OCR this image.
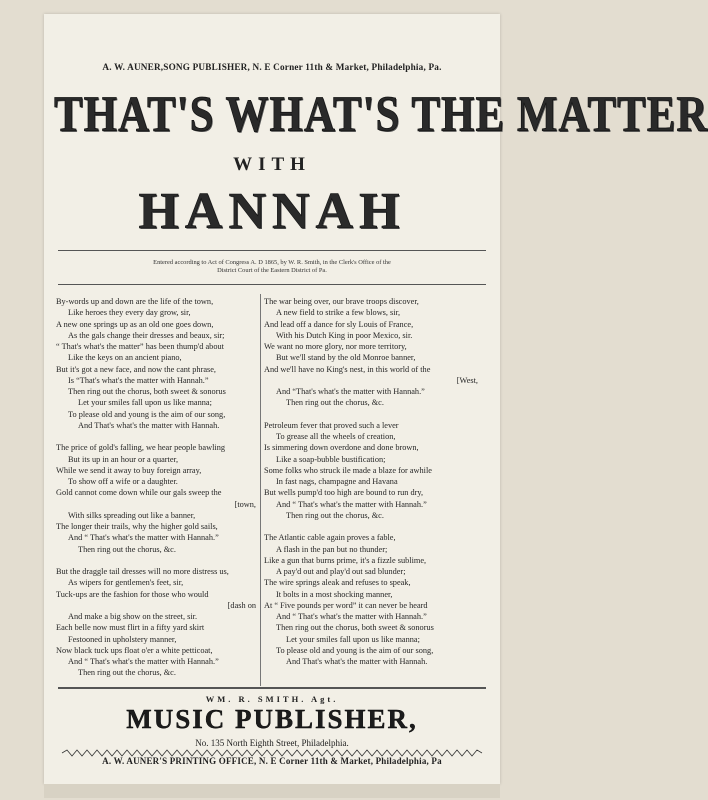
A. W. AUNER,SONG PUBLISHER, N. E Corner 11th & Market, Philadelphia, Pa.
THAT'S WHAT'S THE MATTER
WITH
HANNAH
Entered according to Act of Congress A. D 1865, by W. R. Smith, in the Clerk's Office of the
District Court of the Eastern District of Pa.
By-words up and down are the life of the town,
Like heroes they every day grow, sir,
A new one springs up as an old one goes down,
As the gals change their dresses and beaux, sir;
“ That's what's the matter” has been thump'd about
Like the keys on an ancient piano,
But it's got a new face, and now the cant phrase,
Is “That's what's the matter with Hannah.”
Then ring out the chorus, both sweet & sonorus
Let your smiles fall upon us like manna;
To please old and young is the aim of our song,
And That's what's the matter with Hannah.
The price of gold's falling, we hear people bawling
But its up in an hour or a quarter,
While we send it away to buy foreign array,
To show off a wife or a daughter.
Gold cannot come down while our gals sweep the
[town,
With silks spreading out like a banner,
The longer their trails, why the higher gold sails,
And “ That's what's the matter with Hannah.”
Then ring out the chorus, &c.
But the draggle tail dresses will no more distress us,
As wipers for gentlemen's feet, sir,
Tuck-ups are the fashion for those who would
[dash on
And make a big show on the street, sir.
Each belle now must flirt in a fifty yard skirt
Festooned in upholstery manner,
Now black tuck ups float o'er a white petticoat,
And “ That's what's the matter with Hannah.”
Then ring out the chorus, &c.
The war being over, our brave troops discover,
A new field to strike a few blows, sir,
And lead off a dance for sly Louis of France,
With his Dutch King in poor Mexico, sir.
We want no more glory, nor more territory,
But we'll stand by the old Monroe banner,
And we'll have no King's nest, in this world of the
[West,
And “That's what's the matter with Hannah.”
Then ring out the chorus, &c.
Petroleum fever that proved such a lever
To grease all the wheels of creation,
Is simmering down overdone and done brown,
Like a soap-bubble bustification;
Some folks who struck ile made a blaze for awhile
In fast nags, champagne and Havana
But wells pump'd too high are bound to run dry,
And “ That's what's the matter with Hannah.”
Then ring out the chorus, &c.
The Atlantic cable again proves a fable,
A flash in the pan but no thunder;
Like a gun that burns prime, it's a fizzle sublime,
A pay'd out and play'd out sad blunder;
The wire springs aleak and refuses to speak,
It bolts in a most shocking manner,
At “ Five pounds per word” it can never be heard
And “ That's what's the matter with Hannah.”
Then ring out the chorus, both sweet & sonorus
Let your smiles fall upon us like manna;
To please old and young is the aim of our song,
And That's what's the matter with Hannah.
WM. R. SMITH. Agt.
MUSIC PUBLISHER,
No. 135 North Eighth Street, Philadelphia.
A. W. AUNER'S PRINTING OFFICE, N. E Corner 11th & Market, Philadelphia, Pa
